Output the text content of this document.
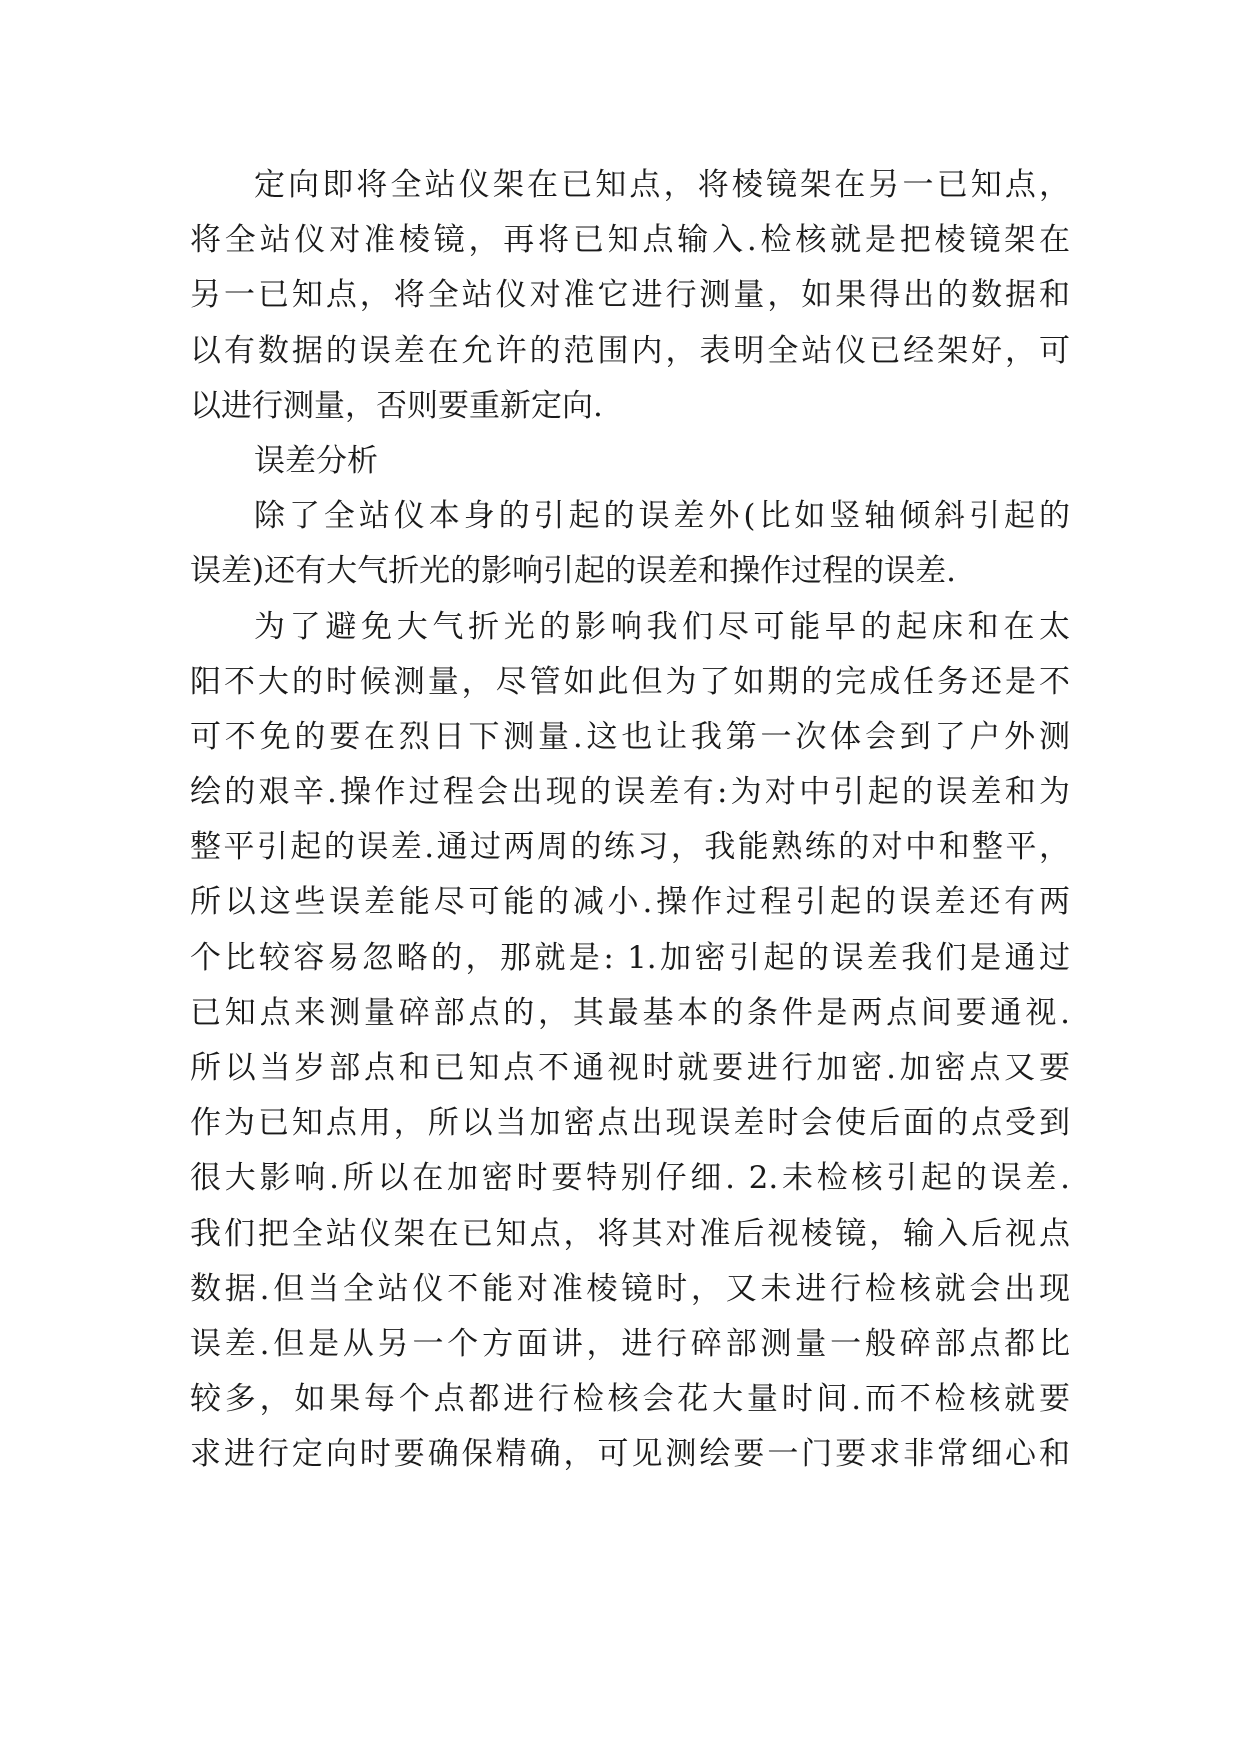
定向即将全站仪架在已知点，将棱镜架在另一已知点，
将全站仪对准棱镜，再将已知点输入.检核就是把棱镜架在
另一已知点，将全站仪对准它进行测量，如果得出的数据和
以有数据的误差在允许的范围内，表明全站仪已经架好，可
以进行测量，否则要重新定向.
误差分析
除了全站仪本身的引起的误差外(比如竖轴倾斜引起的
误差)还有大气折光的影响引起的误差和操作过程的误差.
为了避免大气折光的影响我们尽可能早的起床和在太
阳不大的时候测量，尽管如此但为了如期的完成任务还是不
可不免的要在烈日下测量.这也让我第一次体会到了户外测
绘的艰辛.操作过程会出现的误差有:为对中引起的误差和为
整平引起的误差.通过两周的练习，我能熟练的对中和整平，
所以这些误差能尽可能的减小.操作过程引起的误差还有两
个比较容易忽略的，那就是: 1.加密引起的误差我们是通过
已知点来测量碎部点的，其最基本的条件是两点间要通视.
所以当岁部点和已知点不通视时就要进行加密.加密点又要
作为已知点用，所以当加密点出现误差时会使后面的点受到
很大影响.所以在加密时要特别仔细. 2.未检核引起的误差.
我们把全站仪架在已知点，将其对准后视棱镜，输入后视点
数据.但当全站仪不能对准棱镜时，又未进行检核就会出现
误差.但是从另一个方面讲，进行碎部测量一般碎部点都比
较多，如果每个点都进行检核会花大量时间.而不检核就要
求进行定向时要确保精确，可见测绘要一门要求非常细心和
